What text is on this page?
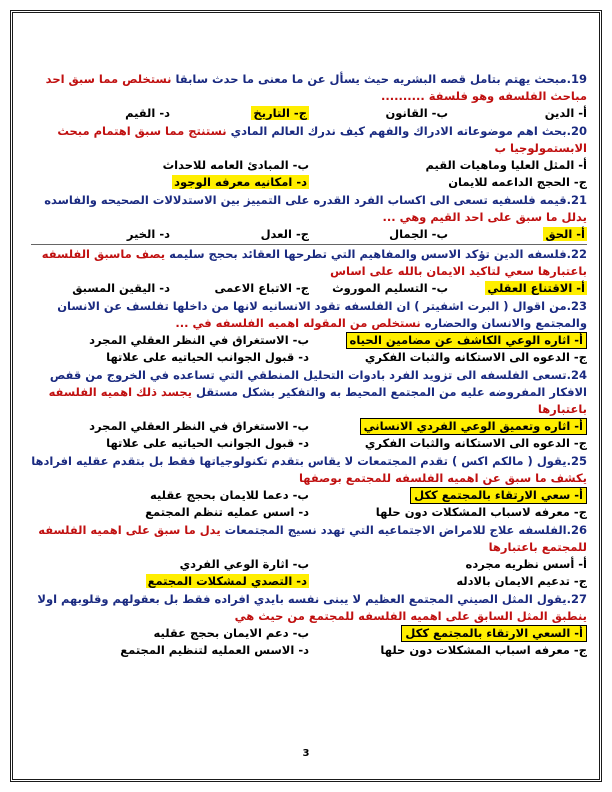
19.مبحث يهتم بتامل قصه البشريه حيث يسأل عن ما معنى ما حدث سابقا نستخلص مما سبق احد مباحث الفلسفه وهو فلسفة ..........
أ- الدين
ب- القانون
ج- التاريخ
د- القيم
20.بحث اهم موضوعاته الادراك والفهم كيف ندرك العالم المادي نستنتج مما سبق اهتمام مبحث الابستمولوجيا ب
أ- المثل العليا وماهيات القيم
ب- المبادئ العامه للاحداث
ج- الحجج الداعمه للايمان
د- امكانيه معرفه الوجود
21.قيمه فلسفيه تسعى الى اكساب الفرد القدره على التمييز بين الاستدلالات الصحيحه والفاسده يدلل ما سبق على احد القيم وهي ...
أ- الحق
ب- الجمال
ج- العدل
د- الخير
22.فلسفه الدين تؤكد الاسس والمفاهيم التي تطرحها العقائد بحجج سليمه يصف ماسبق الفلسفه باعتبارها سعي لتاكيد الايمان بالله على اساس
أ- الاقتناع العقلي
ب- التسليم الموروث
ج- الاتباع الاعمى
د- اليقين المسبق
23.من اقوال ( البرت اشفيتر ) ان الفلسفه تقود الانسانيه لانها من داخلها تفلسف عن الانسان والمجتمع والانسان والحضاره نستخلص من المقوله اهميه الفلسفه في ...
أ- اثاره الوعي الكاشف عن مضامين الحياه
ب- الاستغراق في النظر العقلي المجرد
ج- الدعوه الى الاستكانه والثبات الفكري
د- قبول الجوانب الحياتيه على علاتها
24.تسعى الفلسفه الى تزويد الفرد بادوات التحليل المنطقي التي تساعده في الخروج من قفص الافكار المفروضه عليه من المجتمع المحيط به والتفكير بشكل مستقل يجسد ذلك اهميه الفلسفه باعتبارها
أ- اثاره وتعميق الوعي الفردي الانساني
ب- الاستغراق في النظر العقلي المجرد
ج- الدعوه الى الاستكانه والثبات الفكري
د- قبول الجوانب الحياتيه على علاتها
25.يقول ( مالكم اكس ) تقدم المجتمعات لا يقاس بتقدم تكنولوجياتها فقط بل بتقدم عقليه افرادها يكشف ما سبق عن اهميه الفلسفه للمجتمع بوصفها
أ- سعي الارتقاء بالمجتمع ككل
ب- دعما للايمان بحجج عقليه
ج- معرفه لاسباب المشكلات دون حلها
د- اسس عمليه تنظم المجتمع
26.الفلسفه علاج للامراض الاجتماعيه التي تهدد نسيج المجتمعات يدل ما سبق على اهميه الفلسفه للمجتمع باعتبارها
أ- أسس نظريه مجرده
ب- اثارة الوعي الفردي
ج- تدعيم الايمان بالادله
د- التصدي لمشكلات المجتمع
27.يقول المثل الصيني المجتمع العظيم لا يبنى نفسه بايدي افراده فقط بل بعقولهم وقلوبهم اولا ينطبق المثل السابق على اهميه الفلسفه للمجتمع من حيث هي
أ- السعي الارتقاء بالمجتمع ككل
ب- دعم الايمان بحجج عقليه
ج- معرفه اسباب المشكلات دون حلها
د- الاسس العمليه لتنظيم المجتمع
3
